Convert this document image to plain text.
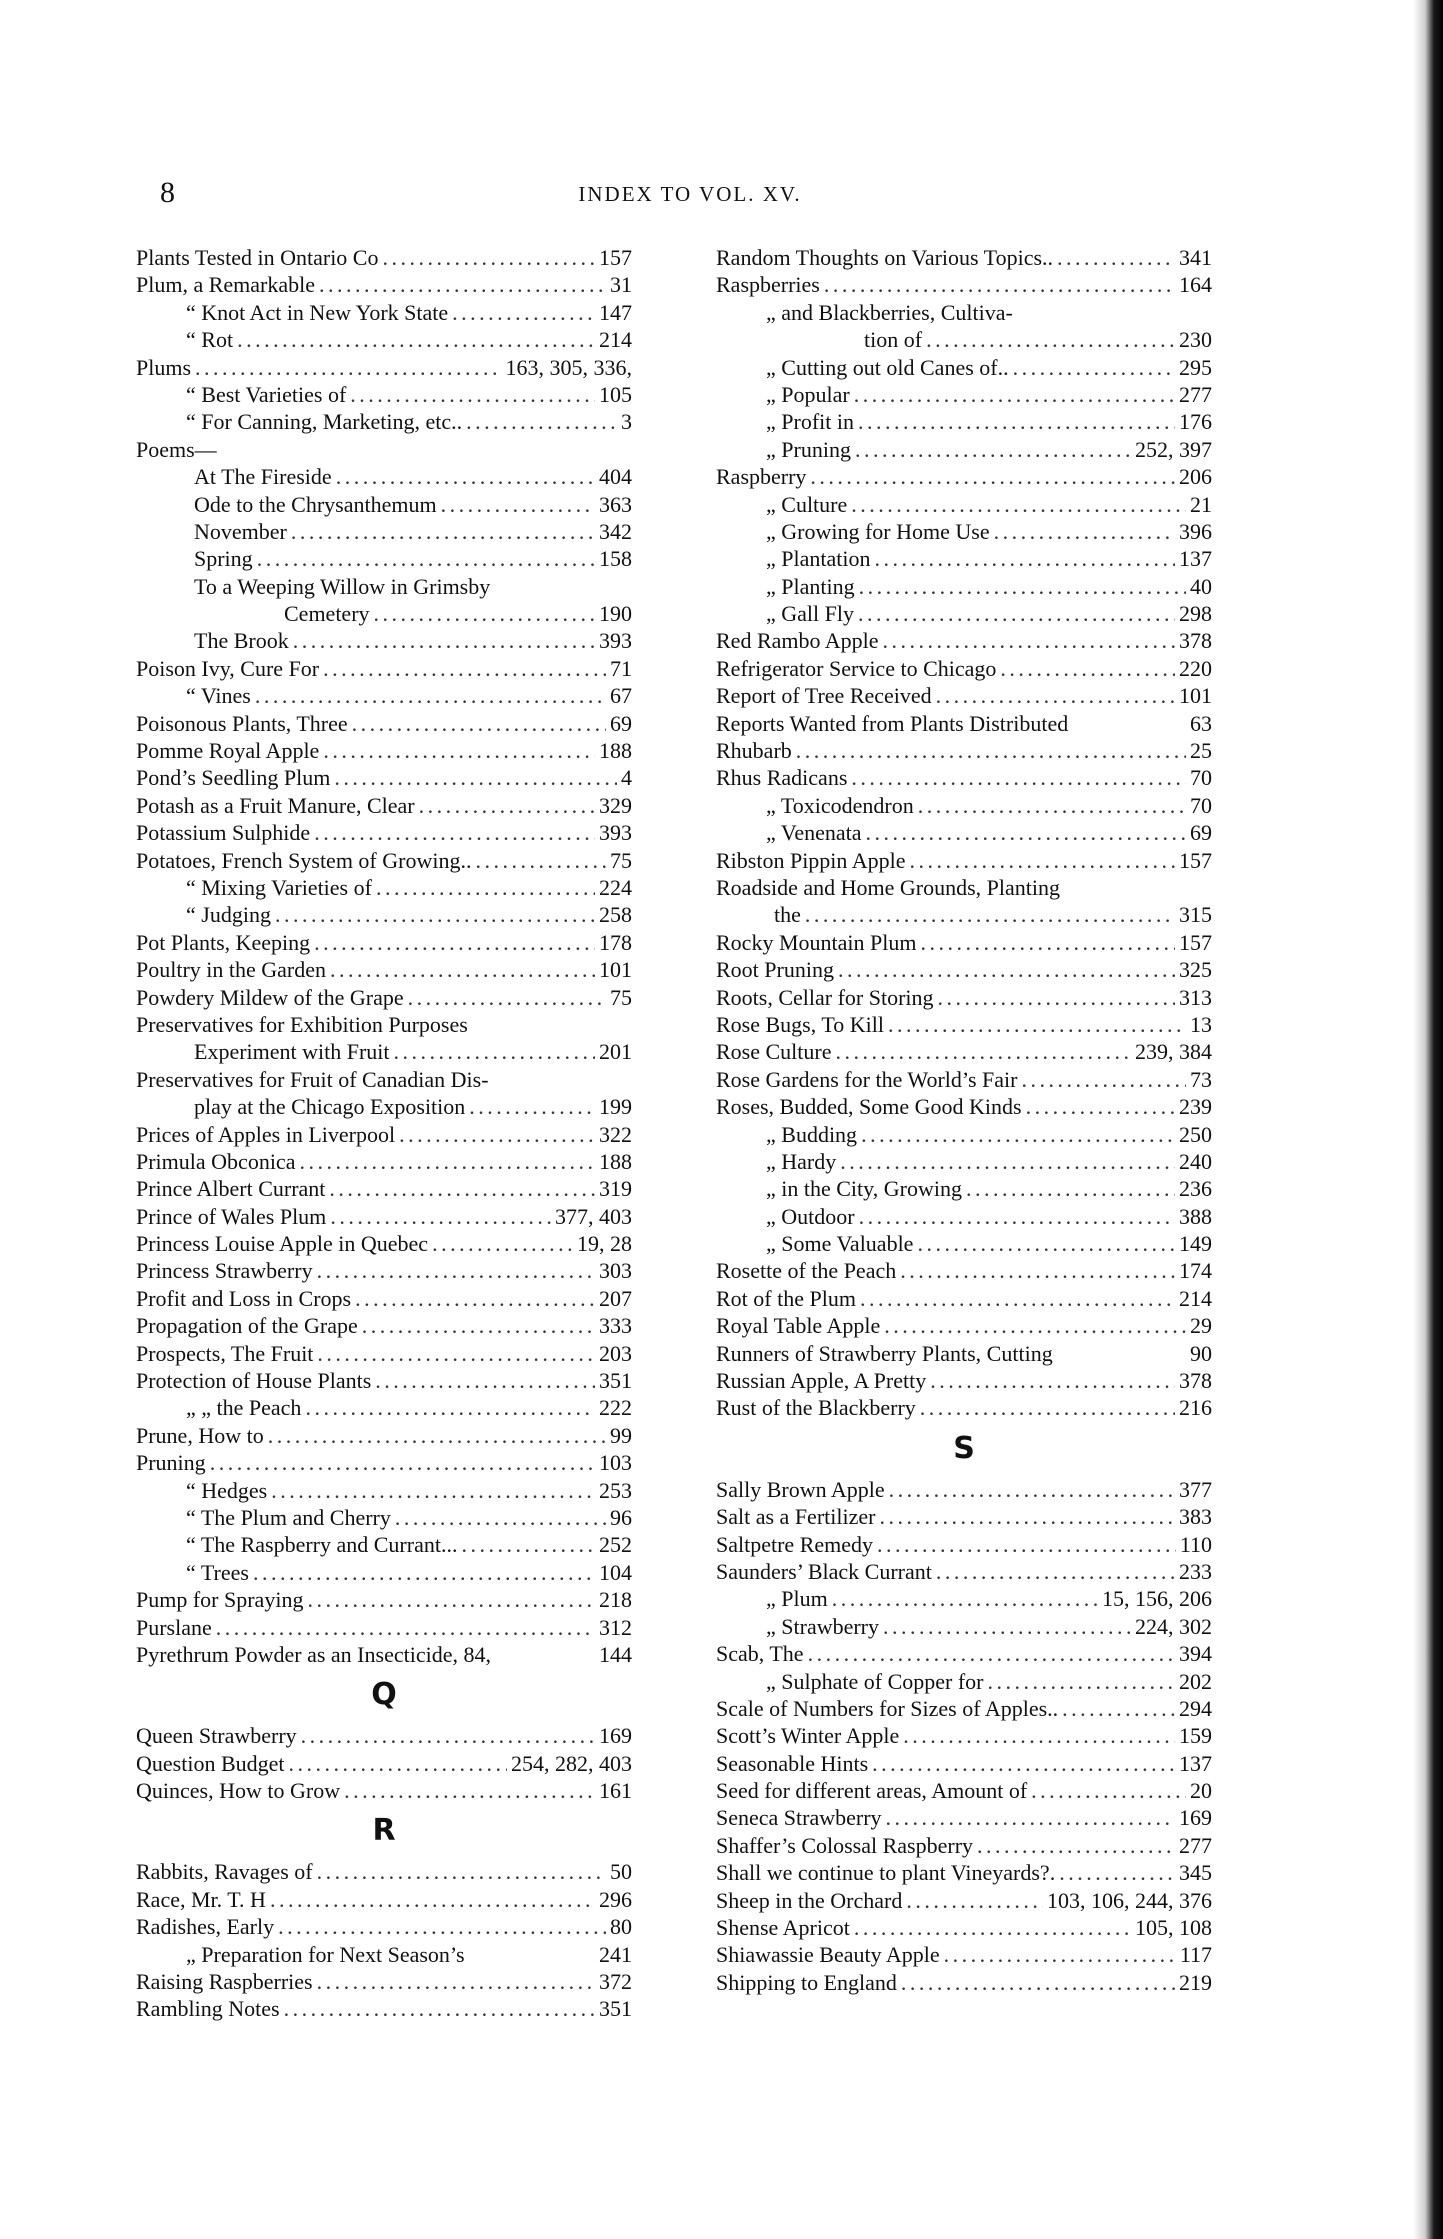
8	INDEX TO VOL. XV.
Plants Tested in Ontario Co . . .	157
Plum, a Remarkable . . .	31
“ Knot Act in New York State . . .	147
“ Rot . . .	214
Plums . . .	163, 305, 336,
“ Best Varieties of . . .	105
“ For Canning, Marketing, etc.. . . .	3
Poems—
At The Fireside . . .	404
Ode to the Chrysanthemum . . .	363
November . . .	342
Spring . . .	158
To a Weeping Willow in Grimsby
Cemetery . . .	190
The Brook . . .	393
Poison Ivy, Cure For . . .	71
“ Vines . . .	67
Poisonous Plants, Three . . .	69
Pomme Royal Apple . . .	188
Pond’s Seedling Plum . . .	4
Potash as a Fruit Manure, Clear . . .	329
Potassium Sulphide . . .	393
Potatoes, French System of Growing.. . . .	75
“ Mixing Varieties of . . .	224
“ Judging . . .	258
Pot Plants, Keeping . . .	178
Poultry in the Garden . . .	101
Powdery Mildew of the Grape . . .	75
Preservatives for Exhibition Purposes
Experiment with Fruit . . .	201
Preservatives for Fruit of Canadian Dis-
play at the Chicago Exposition . . .	199
Prices of Apples in Liverpool . . .	322
Primula Obconica . . .	188
Prince Albert Currant . . .	319
Prince of Wales Plum . . .	377, 403
Princess Louise Apple in Quebec . . .	19, 28
Princess Strawberry . . .	303
Profit and Loss in Crops . . .	207
Propagation of the Grape . . .	333
Prospects, The Fruit . . .	203
Protection of House Plants . . .	351
„ „ the Peach . . .	222
Prune, How to . . .	99
Pruning . . .	103
“ Hedges . . .	253
“ The Plum and Cherry . . .	96
“ The Raspberry and Currant... . . .	252
“ Trees . . .	104
Pump for Spraying . . .	218
Purslane . . .	312
Pyrethrum Powder as an Insecticide, 84,	144
Q
Queen Strawberry . . .	169
Question Budget . . .	254, 282, 403
Quinces, How to Grow . . .	161
R
Rabbits, Ravages of . . .	50
Race, Mr. T. H . . .	296
Radishes, Early . . .	80
„ Preparation for Next Season’s	241
Raising Raspberries . . .	372
Rambling Notes . . .	351
Random Thoughts on Various Topics.. . . .	341
Raspberries . . .	164
„ and Blackberries, Cultiva-
tion of . . .	230
„ Cutting out old Canes of.. . . .	295
„ Popular . . .	277
„ Profit in . . .	176
„ Pruning . . .	252, 397
Raspberry . . .	206
„ Culture . . .	21
„ Growing for Home Use . . .	396
„ Plantation . . .	137
„ Planting . . .	40
„ Gall Fly . . .	298
Red Rambo Apple . . .	378
Refrigerator Service to Chicago . . .	220
Report of Tree Received . . .	101
Reports Wanted from Plants Distributed	63
Rhubarb . . .	25
Rhus Radicans . . .	70
„ Toxicodendron . . .	70
„ Venenata . . .	69
Ribston Pippin Apple . . .	157
Roadside and Home Grounds, Planting
the . . .	315
Rocky Mountain Plum . . .	157
Root Pruning . . .	325
Roots, Cellar for Storing . . .	313
Rose Bugs, To Kill . . .	13
Rose Culture . . .	239, 384
Rose Gardens for the World’s Fair . . .	73
Roses, Budded, Some Good Kinds . . .	239
„ Budding . . .	250
„ Hardy . . .	240
„ in the City, Growing . . .	236
„ Outdoor . . .	388
„ Some Valuable . . .	149
Rosette of the Peach . . .	174
Rot of the Plum . . .	214
Royal Table Apple . . .	29
Runners of Strawberry Plants, Cutting	90
Russian Apple, A Pretty . . .	378
Rust of the Blackberry . . .	216
S
Sally Brown Apple . . .	377
Salt as a Fertilizer . . .	383
Saltpetre Remedy . . .	110
Saunders’ Black Currant . . .	233
„ Plum . . .	15, 156, 206
„ Strawberry . . .	224, 302
Scab, The . . .	394
„ Sulphate of Copper for . . .	202
Scale of Numbers for Sizes of Apples.. . . .	294
Scott’s Winter Apple . . .	159
Seasonable Hints . . .	137
Seed for different areas, Amount of . . .	20
Seneca Strawberry . . .	169
Shaffer’s Colossal Raspberry . . .	277
Shall we continue to plant Vineyards?. . . .	345
Sheep in the Orchard . . .	103, 106, 244, 376
Shense Apricot . . .	105, 108
Shiawassie Beauty Apple . . .	117
Shipping to England . . .	219
